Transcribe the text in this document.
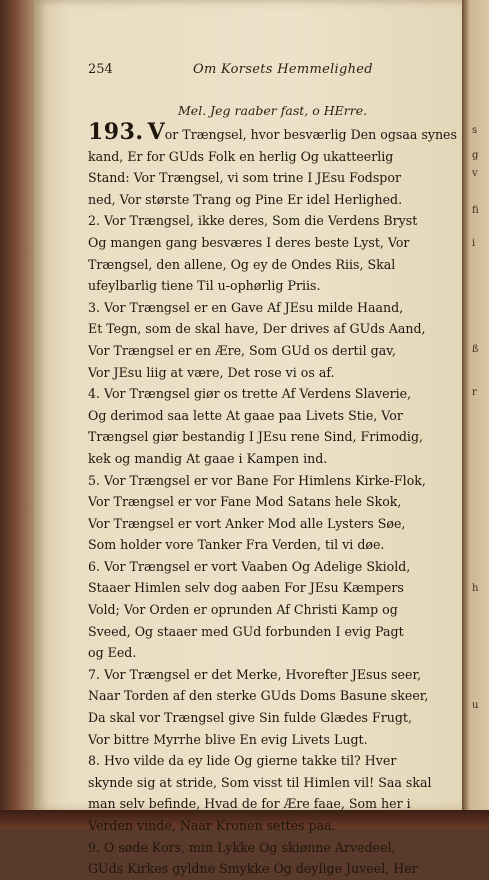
s
g
v
fi
i
ß
r
h
u
254	Om Korsets Hemmelighed
Mel. Jeg raaber fast, o HErre.
193. Vor Trængsel, hvor besværlig Den ogsaa synes
kand, Er for GUds Folk en herlig Og ukatteerlig
Stand: Vor Trængsel, vi som trine I JEsu Fodspor
ned, Vor største Trang og Pine Er idel Herlighed.
2. Vor Trængsel, ikke deres, Som die Verdens Bryst
Og mangen gang besværes I deres beste Lyst, Vor
Trængsel, den allene, Og ey de Ondes Riis, Skal
ufeylbarlig tiene Til u-ophørlig Priis.
3. Vor Trængsel er en Gave Af JEsu milde Haand,
Et Tegn, som de skal have, Der drives af GUds Aand,
Vor Trængsel er en Ære, Som GUd os dertil gav,
Vor JEsu liig at være, Det rose vi os af.
4. Vor Trængsel giør os trette Af Verdens Slaverie,
Og derimod saa lette At gaae paa Livets Stie, Vor
Trængsel giør bestandig I JEsu rene Sind, Frimodig,
kek og mandig At gaae i Kampen ind.
5. Vor Trængsel er vor Bane For Himlens Kirke-Flok,
Vor Trængsel er vor Fane Mod Satans hele Skok,
Vor Trængsel er vort Anker Mod alle Lysters Søe,
Som holder vore Tanker Fra Verden, til vi døe.
6. Vor Trængsel er vort Vaaben Og Adelige Skiold,
Staaer Himlen selv dog aaben For JEsu Kæmpers
Vold; Vor Orden er oprunden Af Christi Kamp og
Sveed, Og staaer med GUd forbunden I evig Pagt
og Eed.
7. Vor Trængsel er det Merke, Hvorefter JEsus seer,
Naar Torden af den sterke GUds Doms Basune skeer,
Da skal vor Trængsel give Sin fulde Glædes Frugt,
Vor bittre Myrrhe blive En evig Livets Lugt.
8. Hvo vilde da ey lide Og gierne takke til? Hver
skynde sig at stride, Som visst til Himlen vil! Saa skal
man selv befinde, Hvad de for Ære faae, Som her i
Verden vinde, Naar Kronen settes paa.
9. O søde Kors, min Lykke Og skiønne Arvedeel,
GUds Kirkes gyldne Smykke Og deylige Juveel, Her
